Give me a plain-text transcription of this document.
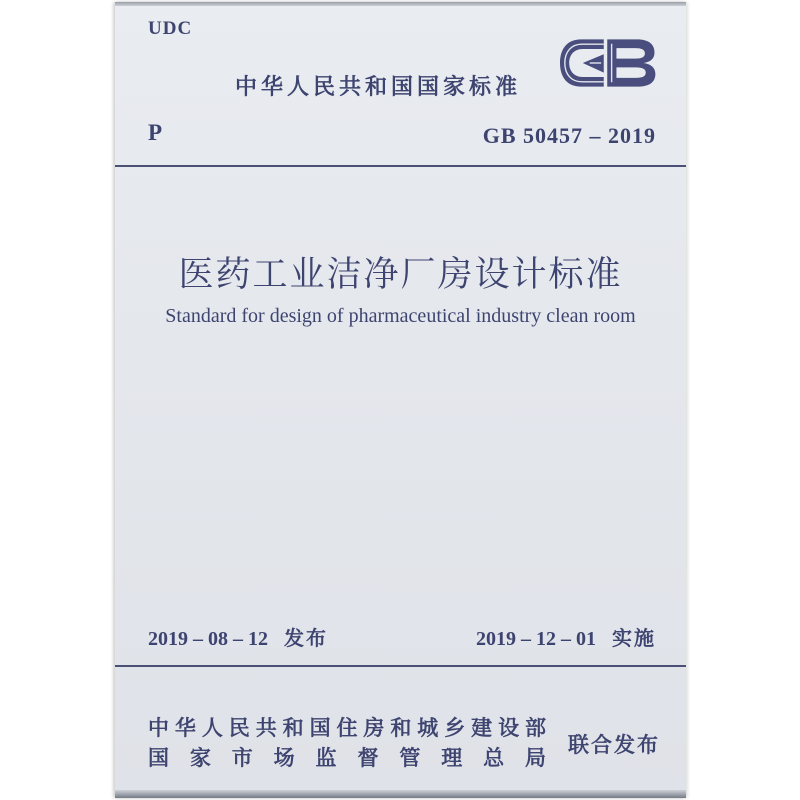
UDC
中华人民共和国国家标准
P	GB 50457 – 2019
医药工业洁净厂房设计标准
Standard for design of pharmaceutical industry clean room
2019 – 08 – 12 发布	2019 – 12 – 01 实施
中华人民共和国住房和城乡建设部
国家市场监督管理总局
联合发布
